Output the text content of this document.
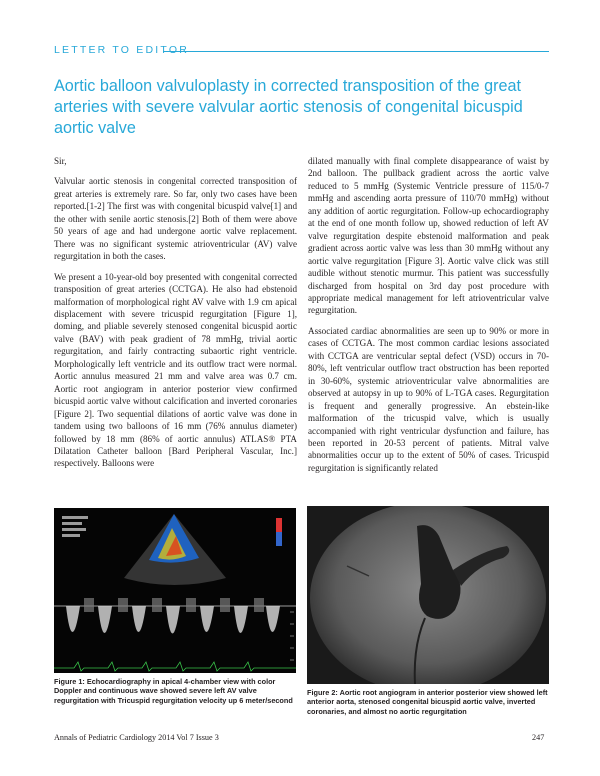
LETTER TO EDITOR
Aortic balloon valvuloplasty in corrected transposition of the great arteries with severe valvular aortic stenosis of congenital bicuspid aortic valve

Sir,

Valvular aortic stenosis in congenital corrected transposition of great arteries is extremely rare. So far, only two cases have been reported.[1-2] The first was with congenital bicuspid valve[1] and the other with senile aortic stenosis.[2] Both of them were above 50 years of age and had undergone aortic valve replacement. There was no significant systemic atrioventricular (AV) valve regurgitation in both the cases.

We present a 10-year-old boy presented with congenital corrected transposition of great arteries (CCTGA). He also had ebstenoid malformation of morphological right AV valve with 1.9 cm apical displacement with severe tricuspid regurgitation [Figure 1], doming, and pliable severely stenosed congenital bicuspid aortic valve (BAV) with peak gradient of 78 mmHg, trivial aortic regurgitation, and fairly contracting subaortic right ventricle. Morphologically left ventricle and its outflow tract were normal. Aortic annulus measured 21 mm and valve area was 0.7 cm. Aortic root angiogram in anterior posterior view confirmed bicuspid aortic valve without calcification and inverted coronaries [Figure 2]. Two sequential dilations of aortic valve was done in tandem using two balloons of 16 mm (76% annulus diameter) followed by 18 mm (86% of aortic annulus) ATLAS® PTA Dilatation Catheter balloon [Bard Peripheral Vascular, Inc.] respectively. Balloons were

dilated manually with final complete disappearance of waist by 2nd balloon. The pullback gradient across the aortic valve reduced to 5 mmHg (Systemic Ventricle pressure of 115/0-7 mmHg and ascending aorta pressure of 110/70 mmHg) without any addition of aortic regurgitation. Follow-up echocardiography at the end of one month follow up, showed reduction of left AV valve regurgitation despite ebstenoid malformation and peak gradient across aortic valve was less than 30 mmHg without any aortic valve regurgitation [Figure 3]. Aortic valve click was still audible without stenotic murmur. This patient was successfully discharged from hospital on 3rd day post procedure with appropriate medical management for left atrioventricular valve regurgitation.

Associated cardiac abnormalities are seen up to 90% or more in cases of CCTGA. The most common cardiac lesions associated with CCTGA are ventricular septal defect (VSD) occurs in 70-80%, left ventricular outflow tract obstruction has been reported in 30-60%, systemic atrioventricular valve abnormalities are observed at autopsy in up to 90% of L-TGA cases. Regurgitation is frequent and generally progressive. An ebstein-like malformation of the tricuspid valve, which is usually accompanied with right ventricular dysfunction and failure, has been reported in 20-53 percent of patients. Mitral valve abnormalities occur up to the extent of 50% of cases. Tricuspid regurgitation is significantly related

Figure 1: Echocardiography in apical 4-chamber view with color Doppler and continuous wave showed severe left AV valve regurgitation with Tricuspid regurgitation velocity up 6 meter/second
Figure 2: Aortic root angiogram in anterior posterior view showed left anterior aorta, stenosed congenital bicuspid aortic valve, inverted coronaries, and almost no aortic regurgitation
Annals of Pediatric Cardiology 2014 Vol 7 Issue 3	247
